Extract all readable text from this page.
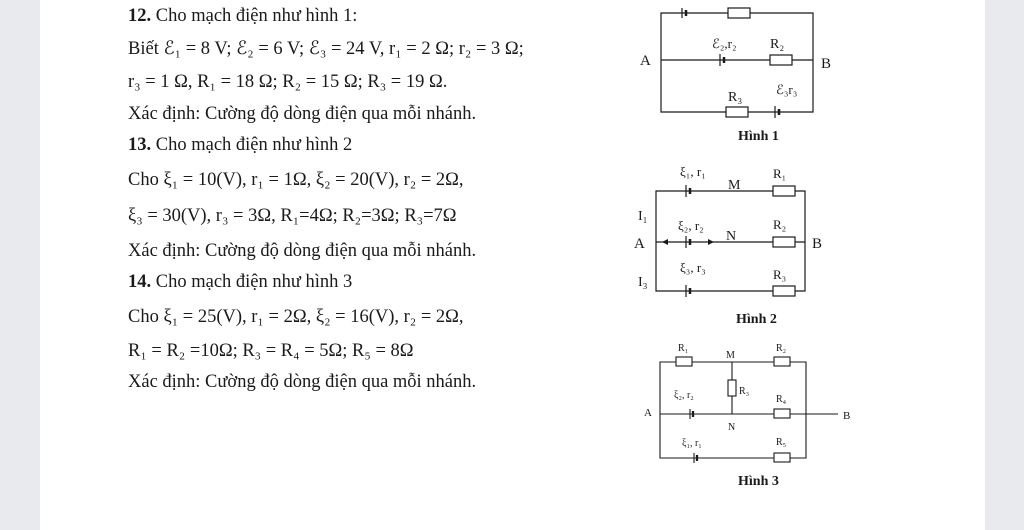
12. Cho mạch điện như hình 1:
Biết ℰ₁ = 8 V; ℰ₂ = 6 V; ℰ₃ = 24 V, r₁ = 2 Ω; r₂ = 3 Ω;
r₃ = 1 Ω, R₁ = 18 Ω; R₂ = 15 Ω; R₃ = 19 Ω.
Xác định: Cường độ dòng điện qua mỗi nhánh.
13. Cho mạch điện như hình 2
Cho ξ₁ = 10(V), r₁ = 1Ω, ξ₂ = 20(V), r₂ = 2Ω,
ξ₃ = 30(V), r₃ = 3Ω, R₁=4Ω; R₂=3Ω; R₃=7Ω
Xác định: Cường độ dòng điện qua mỗi nhánh.
14. Cho mạch điện như hình 3
Cho ξ₁ = 25(V), r₁ = 2Ω, ξ₂ = 16(V), r₂ = 2Ω,
R₁ = R₂ =10Ω; R₃ = R₄ = 5Ω; R₅ = 8Ω
Xác định: Cường độ dòng điện qua mỗi nhánh.
A	B
ℰ₂,r₂ R₂
R₃
ℰ₃r₃
Hình 1
ξ₁, r₁
M
R₁
I₁
ξ₂, r₂
N
R₂
A	B
ξ₃, r₃
I₃
R₃
Hình 2
R₁
M
R₂
ξ₂, r₂	R₃
R₄
A	B
N
ξ₁, r₁	R₅
Hình 3
